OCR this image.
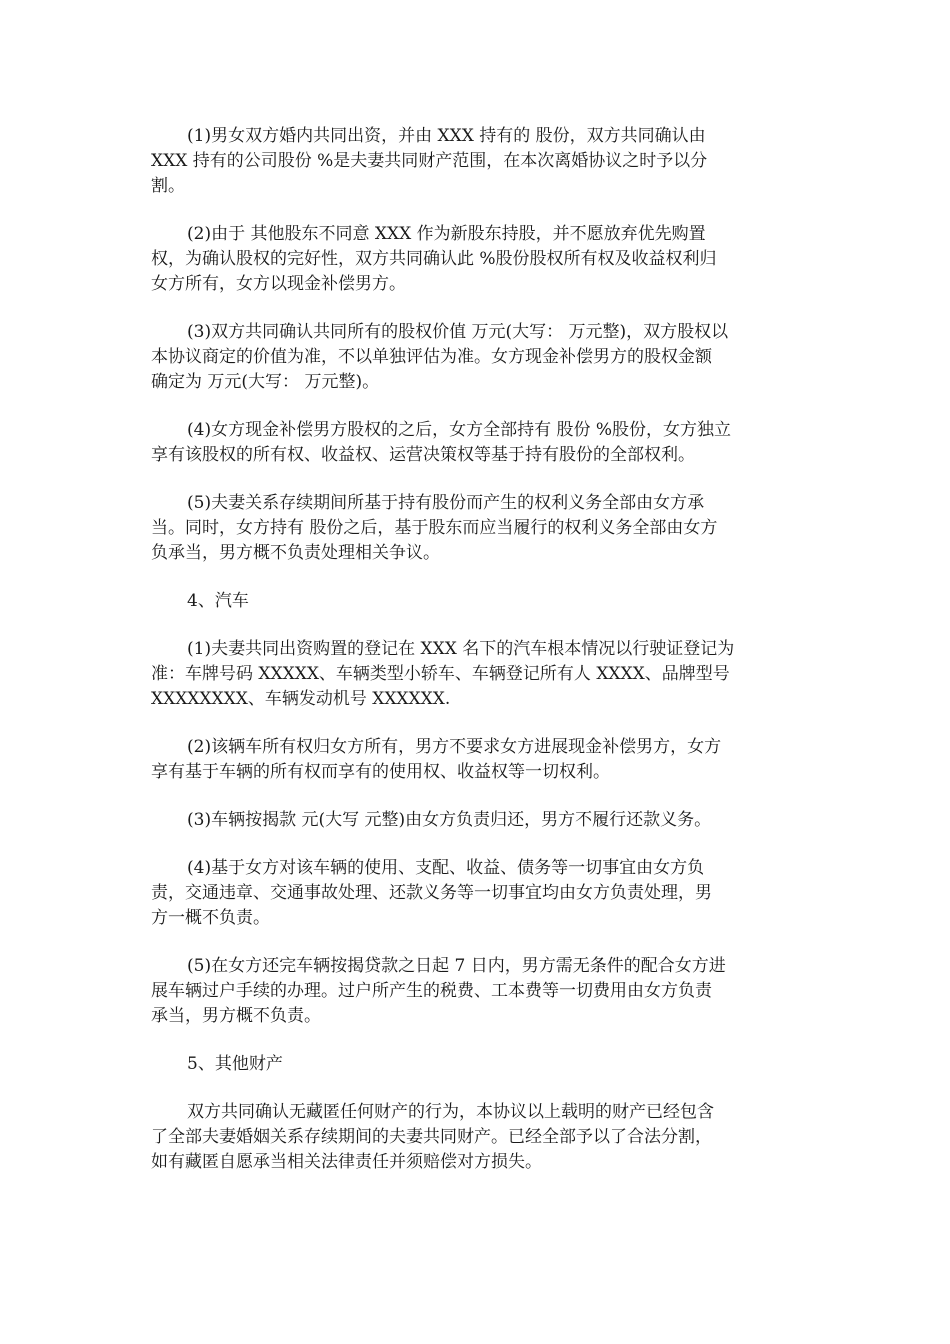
(1)男女双方婚内共同出资，并由 XXX 持有的 股份，双方共同确认由
XXX 持有的公司股份 %是夫妻共同财产范围，在本次离婚协议之时予以分
割。

(2)由于 其他股东不同意 XXX 作为新股东持股，并不愿放弃优先购置
权，为确认股权的完好性，双方共同确认此 %股份股权所有权及收益权利归
女方所有，女方以现金补偿男方。

(3)双方共同确认共同所有的股权价值 万元(大写： 万元整)，双方股权以
本协议商定的价值为准，不以单独评估为准。女方现金补偿男方的股权金额
确定为 万元(大写： 万元整)。

(4)女方现金补偿男方股权的之后，女方全部持有 股份 %股份，女方独立
享有该股权的所有权、收益权、运营决策权等基于持有股份的全部权利。

(5)夫妻关系存续期间所基于持有股份而产生的权利义务全部由女方承
当。同时，女方持有 股份之后，基于股东而应当履行的权利义务全部由女方
负承当，男方概不负责处理相关争议。

4、汽车

(1)夫妻共同出资购置的登记在 XXX 名下的汽车根本情况以行驶证登记为
准：车牌号码 XXXXX、车辆类型小轿车、车辆登记所有人 XXXX、品牌型号
XXXXXXXX、车辆发动机号 XXXXXX.

(2)该辆车所有权归女方所有，男方不要求女方进展现金补偿男方，女方
享有基于车辆的所有权而享有的使用权、收益权等一切权利。

(3)车辆按揭款 元(大写 元整)由女方负责归还，男方不履行还款义务。

(4)基于女方对该车辆的使用、支配、收益、债务等一切事宜由女方负
责，交通违章、交通事故处理、还款义务等一切事宜均由女方负责处理，男
方一概不负责。

(5)在女方还完车辆按揭贷款之日起 7 日内，男方需无条件的配合女方进
展车辆过户手续的办理。过户所产生的税费、工本费等一切费用由女方负责
承当，男方概不负责。

5、其他财产

双方共同确认无藏匿任何财产的行为，本协议以上载明的财产已经包含
了全部夫妻婚姻关系存续期间的夫妻共同财产。已经全部予以了合法分割，
如有藏匿自愿承当相关法律责任并须赔偿对方损失。
